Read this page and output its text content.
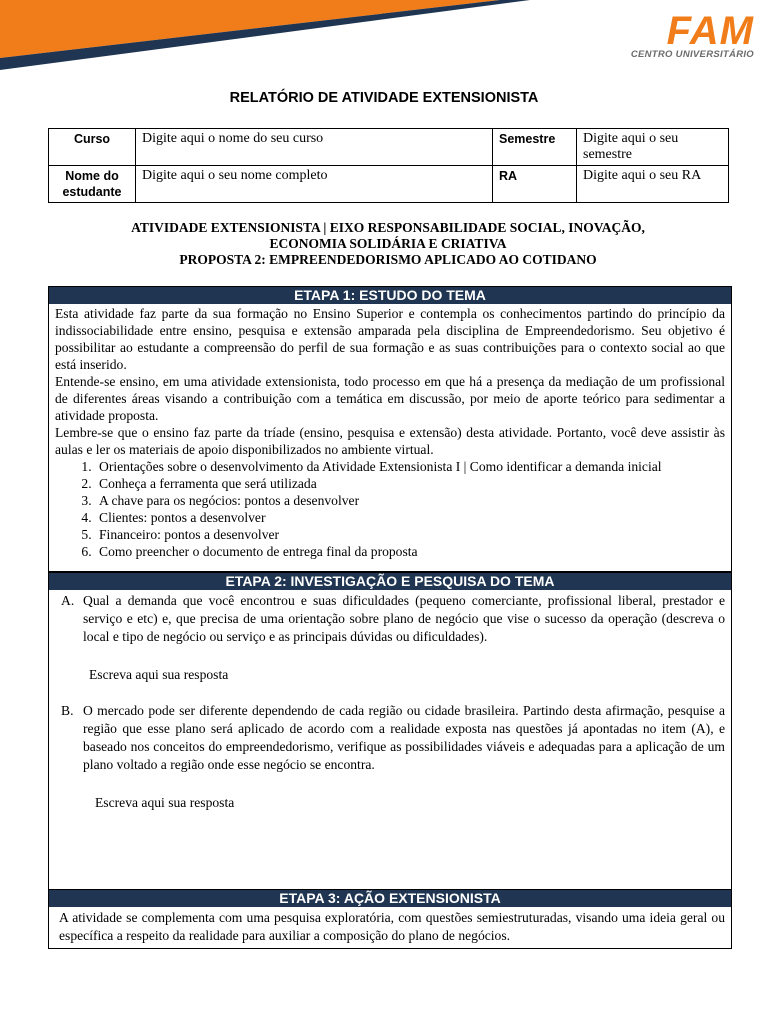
FAM
CENTRO UNIVERSITÁRIO
RELATÓRIO DE ATIVIDADE EXTENSIONISTA
Curso	Digite aqui o nome do seu curso	Semestre	Digite aqui o seu semestre
Nome do estudante	Digite aqui o seu nome completo	RA	Digite aqui o seu RA
ATIVIDADE EXTENSIONISTA | EIXO RESPONSABILIDADE SOCIAL, INOVAÇÃO,
ECONOMIA SOLIDÁRIA E CRIATIVA
PROPOSTA 2: EMPREENDEDORISMO APLICADO AO COTIDANO
ETAPA 1: ESTUDO DO TEMA

Esta atividade faz parte da sua formação no Ensino Superior e contempla os conhecimentos partindo do princípio da indissociabilidade entre ensino, pesquisa e extensão amparada pela disciplina de Empreendedorismo. Seu objetivo é possibilitar ao estudante a compreensão do perfil de sua formação e as suas contribuições para o contexto social ao que está inserido.

Entende-se ensino, em uma atividade extensionista, todo processo em que há a presença da mediação de um profissional de diferentes áreas visando a contribuição com a temática em discussão, por meio de aporte teórico para sedimentar a atividade proposta.

Lembre-se que o ensino faz parte da tríade (ensino, pesquisa e extensão) desta atividade. Portanto, você deve assistir às aulas e ler os materiais de apoio disponibilizados no ambiente virtual.

1. Orientações sobre o desenvolvimento da Atividade Extensionista I | Como identificar a demanda inicial
2. Conheça a ferramenta que será utilizada
3. A chave para os negócios: pontos a desenvolver
4. Clientes: pontos a desenvolver
5. Financeiro: pontos a desenvolver
6. Como preencher o documento de entrega final da proposta
ETAPA 2: INVESTIGAÇÃO E PESQUISA DO TEMA
A. Qual a demanda que você encontrou e suas dificuldades (pequeno comerciante, profissional liberal, prestador e serviço e etc) e, que precisa de uma orientação sobre plano de negócio que vise o sucesso da operação (descreva o local e tipo de negócio ou serviço e as principais dúvidas ou dificuldades).
Escreva aqui sua resposta
B. O mercado pode ser diferente dependendo de cada região ou cidade brasileira. Partindo desta afirmação, pesquise a região que esse plano será aplicado de acordo com a realidade exposta nas questões já apontadas no item (A), e baseado nos conceitos do empreendedorismo, verifique as possibilidades viáveis e adequadas para a aplicação de um plano voltado a região onde esse negócio se encontra.
Escreva aqui sua resposta
ETAPA 3: AÇÃO EXTENSIONISTA
A atividade se complementa com uma pesquisa exploratória, com questões semiestruturadas, visando uma ideia geral ou específica a respeito da realidade para auxiliar a composição do plano de negócios.
